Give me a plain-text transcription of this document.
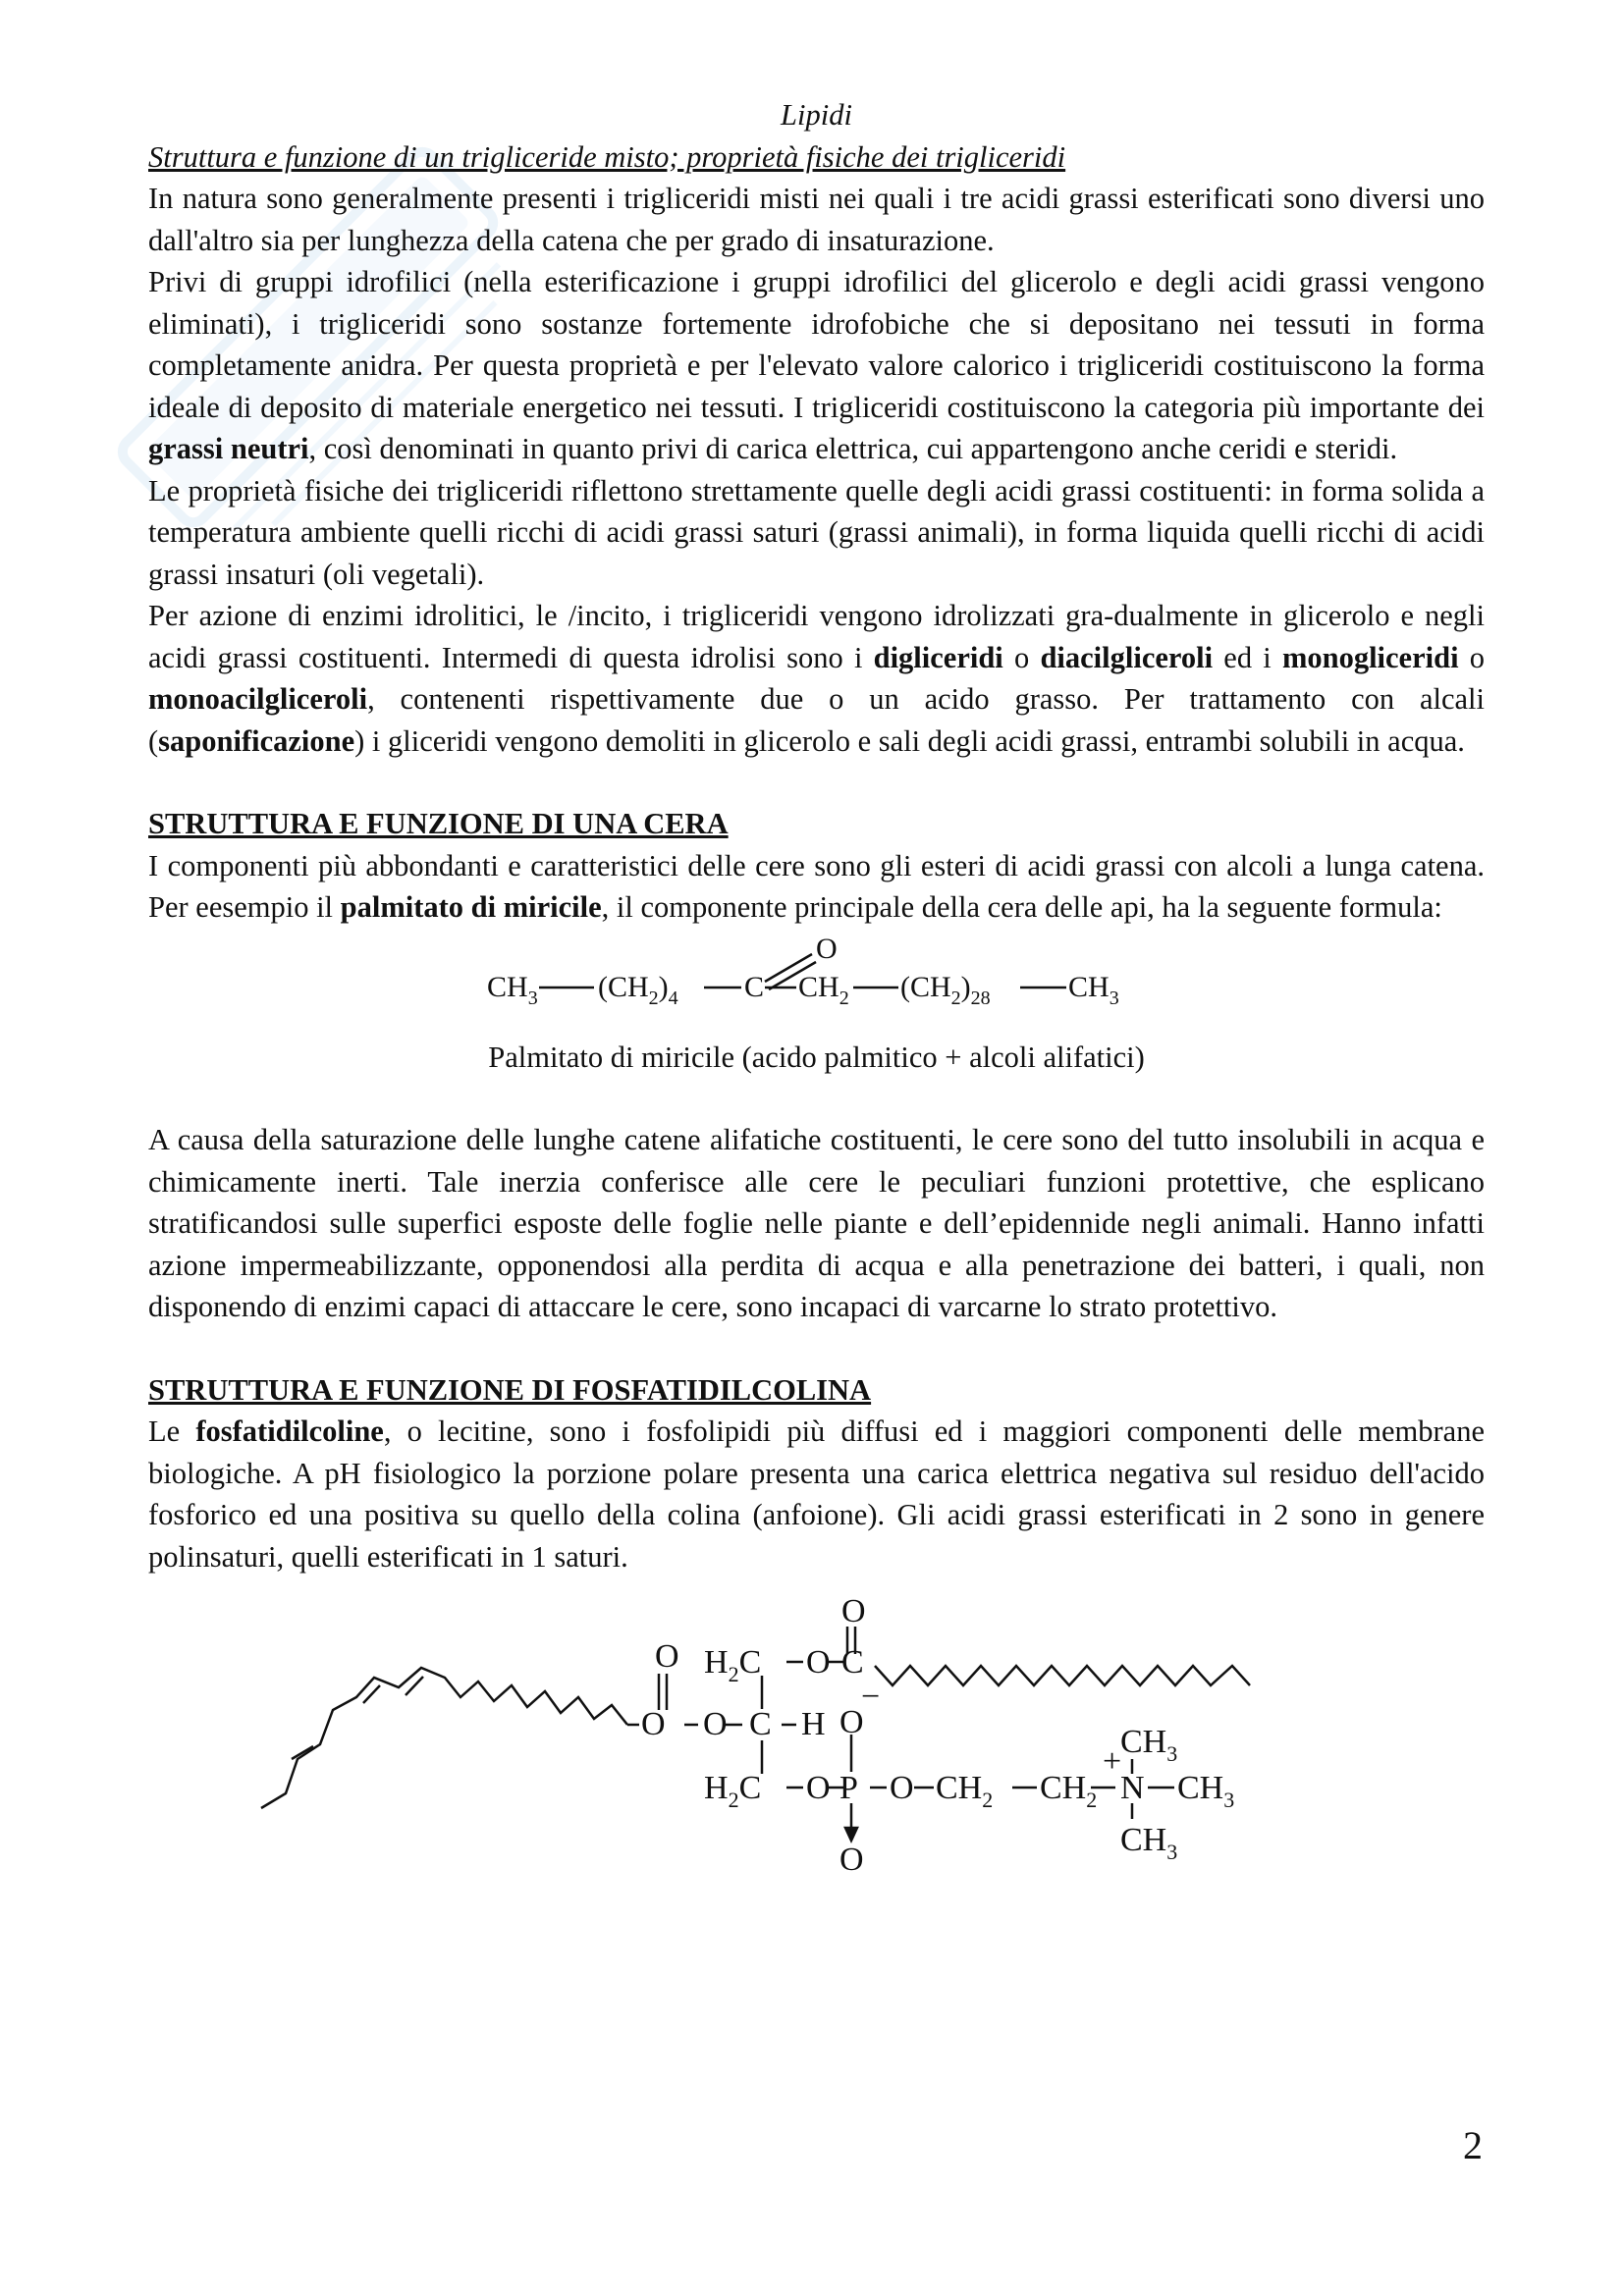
Lipidi

Struttura e funzione di un trigliceride misto; proprietà fisiche dei trigliceridi

In natura sono generalmente presenti i trigliceridi misti nei quali i tre acidi grassi esterificati sono diversi uno dall'altro sia per lunghezza della catena che per grado di insaturazione.

Privi di gruppi idrofilici (nella esterificazione i gruppi idrofilici del glicerolo e degli acidi grassi vengono eliminati), i trigliceridi sono sostanze fortemente idrofobiche che si depositano nei tessuti in forma completamente anidra. Per questa proprietà e per l'elevato valore calorico i trigliceridi costituiscono la forma ideale di deposito di materiale energetico nei tessuti. I trigliceridi costituiscono la categoria più importante dei grassi neutri, così denominati in quanto privi di carica elettrica, cui appartengono anche ceridi e steridi.

Le proprietà fisiche dei trigliceridi riflettono strettamente quelle degli acidi grassi costituenti: in forma solida a temperatura ambiente quelli ricchi di acidi grassi saturi (grassi animali), in forma liquida quelli ricchi di acidi grassi insaturi (oli vegetali).

Per azione di enzimi idrolitici, le /incito, i trigliceridi vengono idrolizzati gra-dualmente in glicerolo e negli acidi grassi costituenti. Intermedi di questa idrolisi sono i digliceridi o diacilgliceroli ed i monogliceridi o monoacilglicerolі, contenenti rispettivamente due o un acido grasso. Per trattamento con alcali (saponificazione) i gliceridi vengono demoliti in glicerolo e sali degli acidi grassi, entrambi solubili in acqua.

STRUTTURA E FUNZIONE DI UNA CERA

I componenti più abbondanti e caratteristici delle cere sono gli esteri di acidi grassi con alcoli a lunga catena. Per eesempio il palmitato di miricile, il componente principale della cera delle api, ha la seguente formula:

$CH_3$ $(CH_2)_4$ C
O
$CH_2$ $(CH_2)_{28}$	$CH_3$

Palmitato di miricile (acido palmitico + alcoli alifatici)

A causa della saturazione delle lunghe catene alifatiche costituenti, le cere sono del tutto insolubili in acqua e chimicamente inerti. Tale inerzia conferisce alle cere le peculiari funzioni protettive, che esplicano stratificandosi sulle superfici esposte delle foglie nelle piante e dell’epidennide negli animali. Hanno infatti azione impermeabilizzante, opponendosi alla perdita di acqua e alla penetrazione dei batteri, i quali, non disponendo di enzimi capaci di attaccare le cere, sono incapaci di varcarne lo strato protettivo.

STRUTTURA E FUNZIONE DI FOSFATIDILCOLINA

Le fosfatidilcoline, o lecitine, sono i fosfolipidi più diffusi ed i maggiori componenti delle membrane biologiche. A pH fisiologico la porzione polare presenta una carica elettrica negativa sul residuo dell'acido fosforico ed una positiva su quello della colina (anfoione). Gli acidi grassi esterificati in 2 sono in genere polinsaturi, quelli esterificati in 1 saturi.

O
O
O C H
$H_2C$ O C
O
$H_2C$ O
O
−
P
O
O $CH_2$ $CH_2$
+
N
$CH_3$
$CH_3$
$CH_3$
2
